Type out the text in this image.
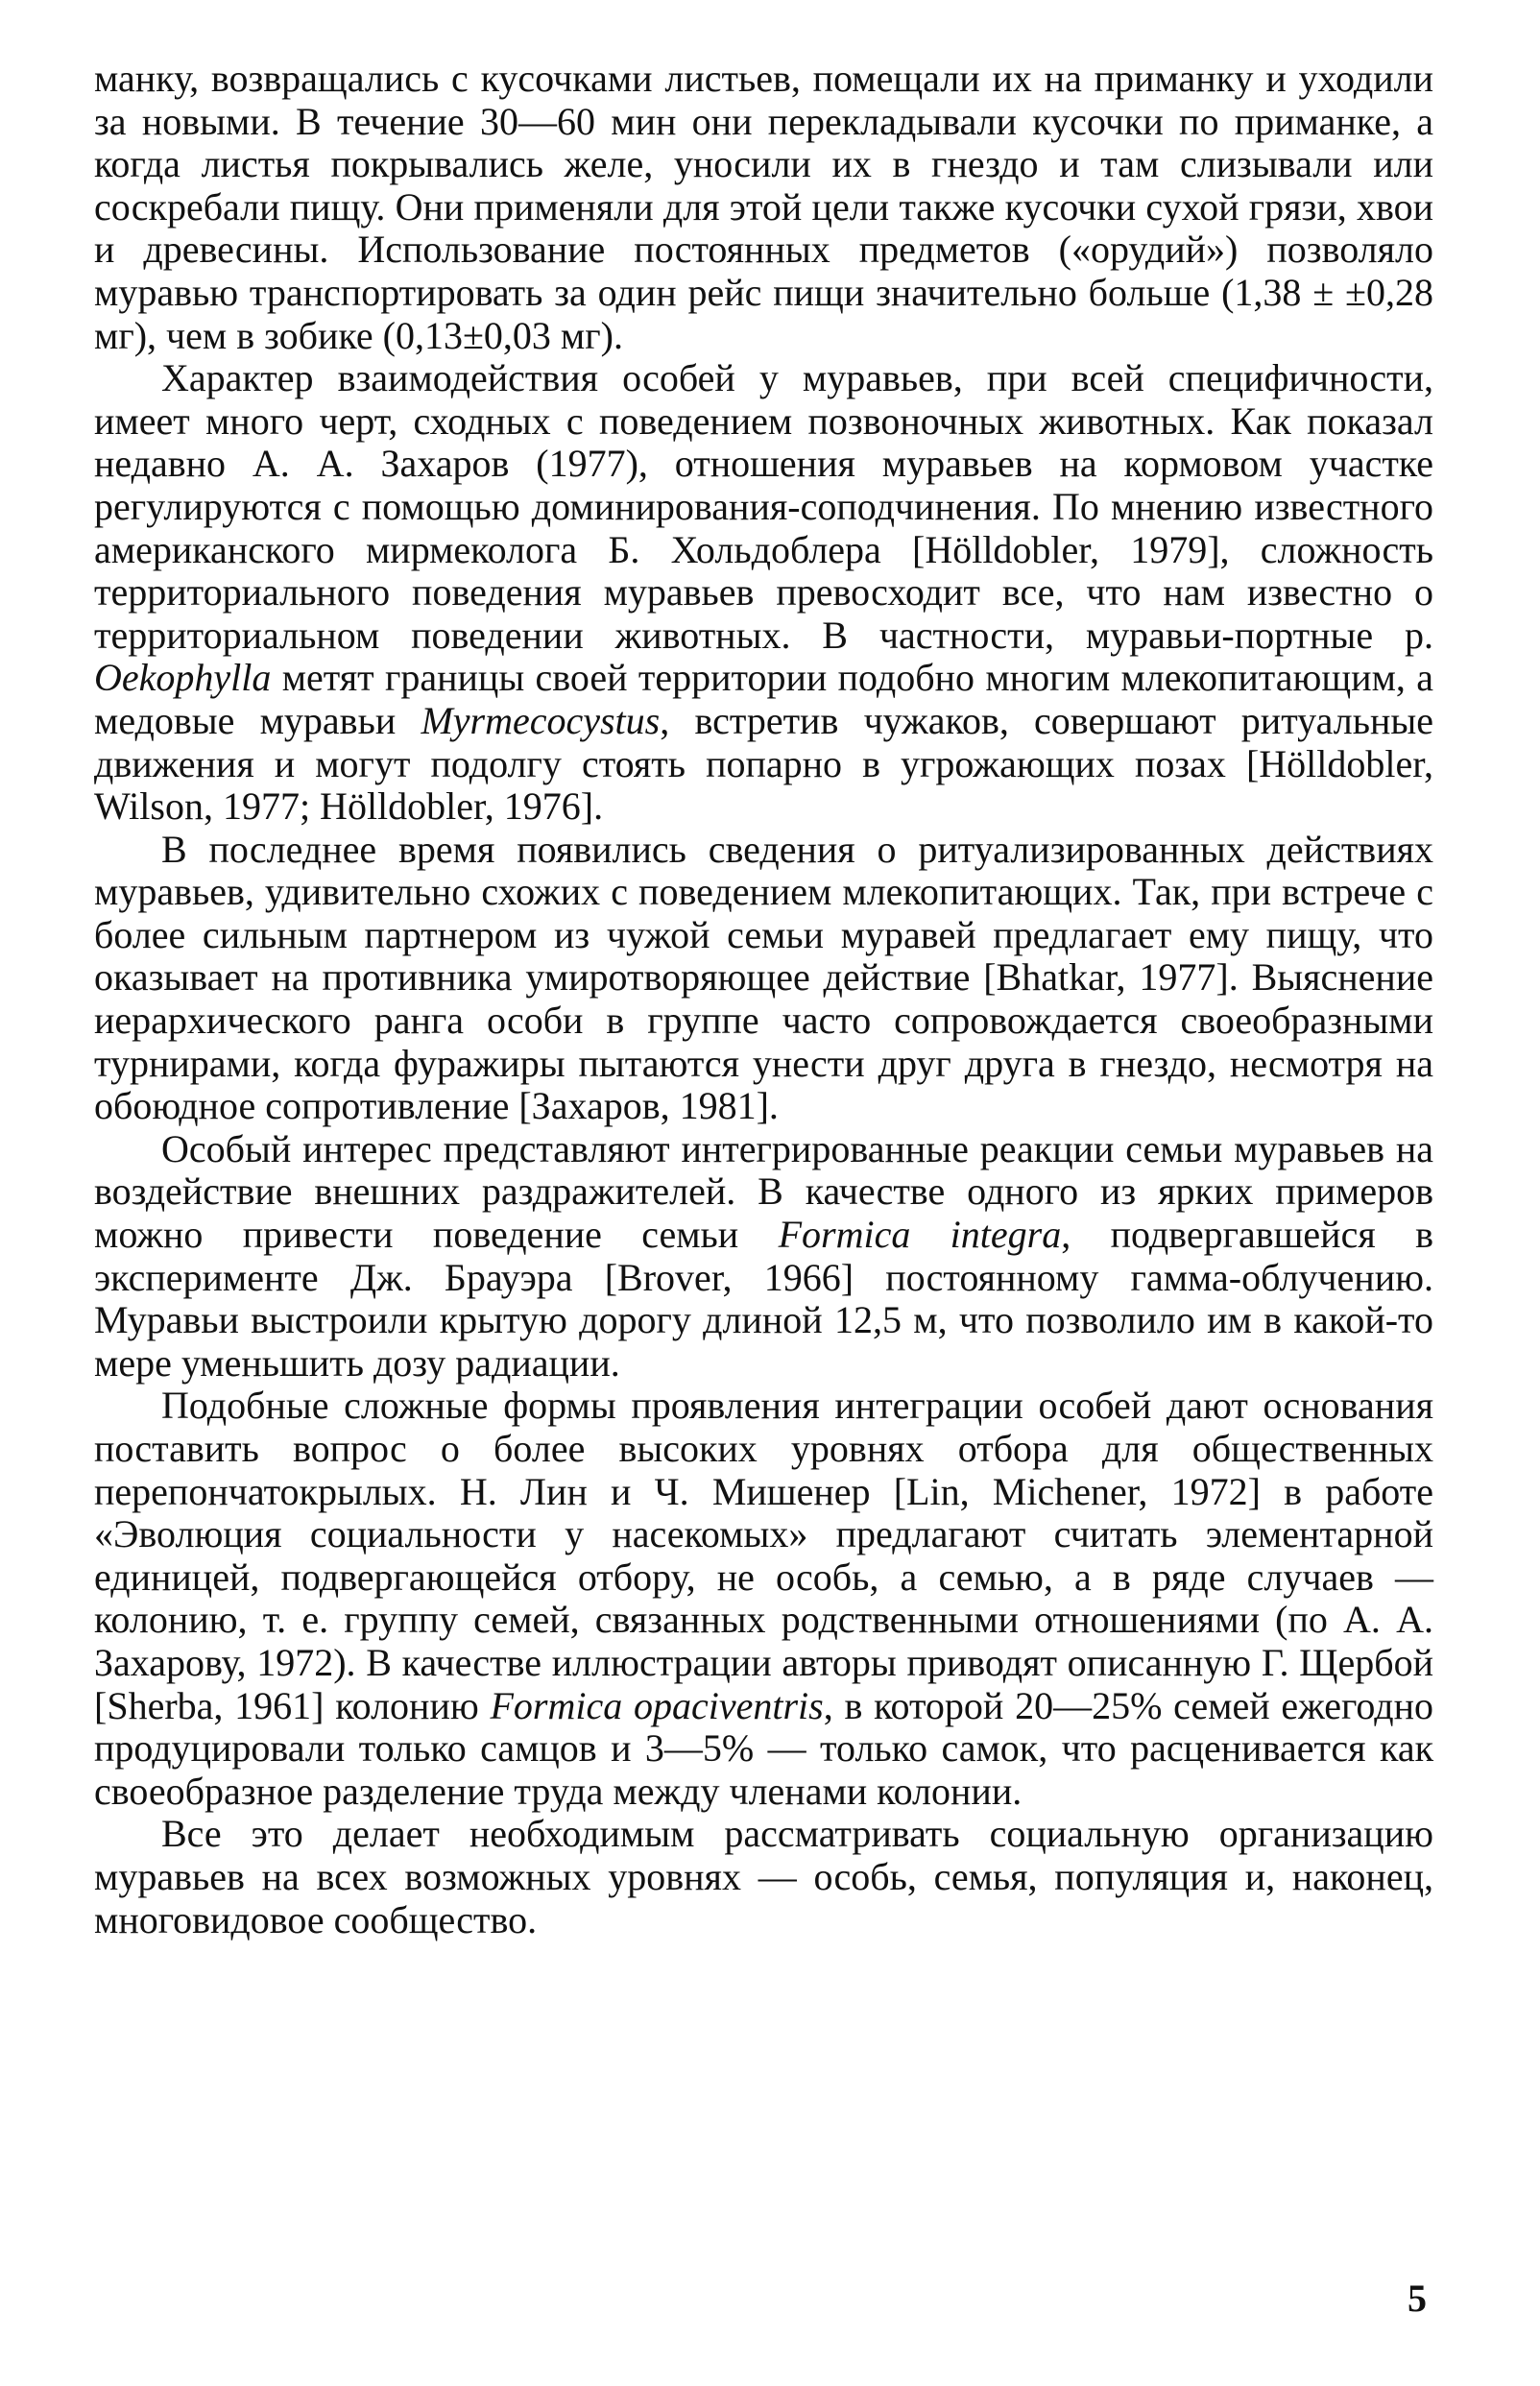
манку, возвращались с кусочками листьев, помещали их на приманку и уходили за новыми. В течение 30—60 мин они перекладывали кусочки по приманке, а когда листья покрывались желе, уносили их в гнездо и там слизывали или соскребали пищу. Они применяли для этой цели также кусочки сухой грязи, хвои и древесины. Использование постоянных предметов («орудий») позволяло муравью транспортировать за один рейс пищи значительно больше (1,38 ± ±0,28 мг), чем в зобике (0,13±0,03 мг).

Характер взаимодействия особей у муравьев, при всей специфичности, имеет много черт, сходных с поведением позвоночных животных. Как показал недавно А. А. Захаров (1977), отношения муравьев на кормовом участке регулируются с помощью доминирования-соподчинения. По мнению известного американского мирмеколога Б. Хольдоблера [Hölldobler, 1979], сложность территориального поведения муравьев превосходит все, что нам известно о территориальном поведении животных. В частности, муравьи-портные р. Oekophylla метят границы своей территории подобно многим млекопитающим, а медовые муравьи Myrmecocystus, встретив чужаков, совершают ритуальные движения и могут подолгу стоять попарно в угрожающих позах [Hölldobler, Wilson, 1977; Hölldobler, 1976].

В последнее время появились сведения о ритуализированных действиях муравьев, удивительно схожих с поведением млекопитающих. Так, при встрече с более сильным партнером из чужой семьи муравей предлагает ему пищу, что оказывает на противника умиротворяющее действие [Bhatkar, 1977]. Выяснение иерархического ранга особи в группе часто сопровождается своеобразными турнирами, когда фуражиры пытаются унести друг друга в гнездо, несмотря на обоюдное сопротивление [Захаров, 1981].

Особый интерес представляют интегрированные реакции семьи муравьев на воздействие внешних раздражителей. В качестве одного из ярких примеров можно привести поведение семьи Formica integra, подвергавшейся в эксперименте Дж. Брауэра [Brover, 1966] постоянному гамма-облучению. Муравьи выстроили крытую дорогу длиной 12,5 м, что позволило им в какой-то мере уменьшить дозу радиации.

Подобные сложные формы проявления интеграции особей дают основания поставить вопрос о более высоких уровнях отбора для общественных перепончатокрылых. Н. Лин и Ч. Мишенер [Lin, Michener, 1972] в работе «Эволюция социальности у насекомых» предлагают считать элементарной единицей, подвергающейся отбору, не особь, а семью, а в ряде случаев — колонию, т. е. группу семей, связанных родственными отношениями (по А. А. Захарову, 1972). В качестве иллюстрации авторы приводят описанную Г. Щербой [Sherba, 1961] колонию Formica opaciventris, в которой 20—25% семей ежегодно продуцировали только самцов и 3—5% — только самок, что расценивается как своеобразное разделение труда между членами колонии.

Все это делает необходимым рассматривать социальную организацию муравьев на всех возможных уровнях — особь, семья, популяция и, наконец, многовидовое сообщество.

5
